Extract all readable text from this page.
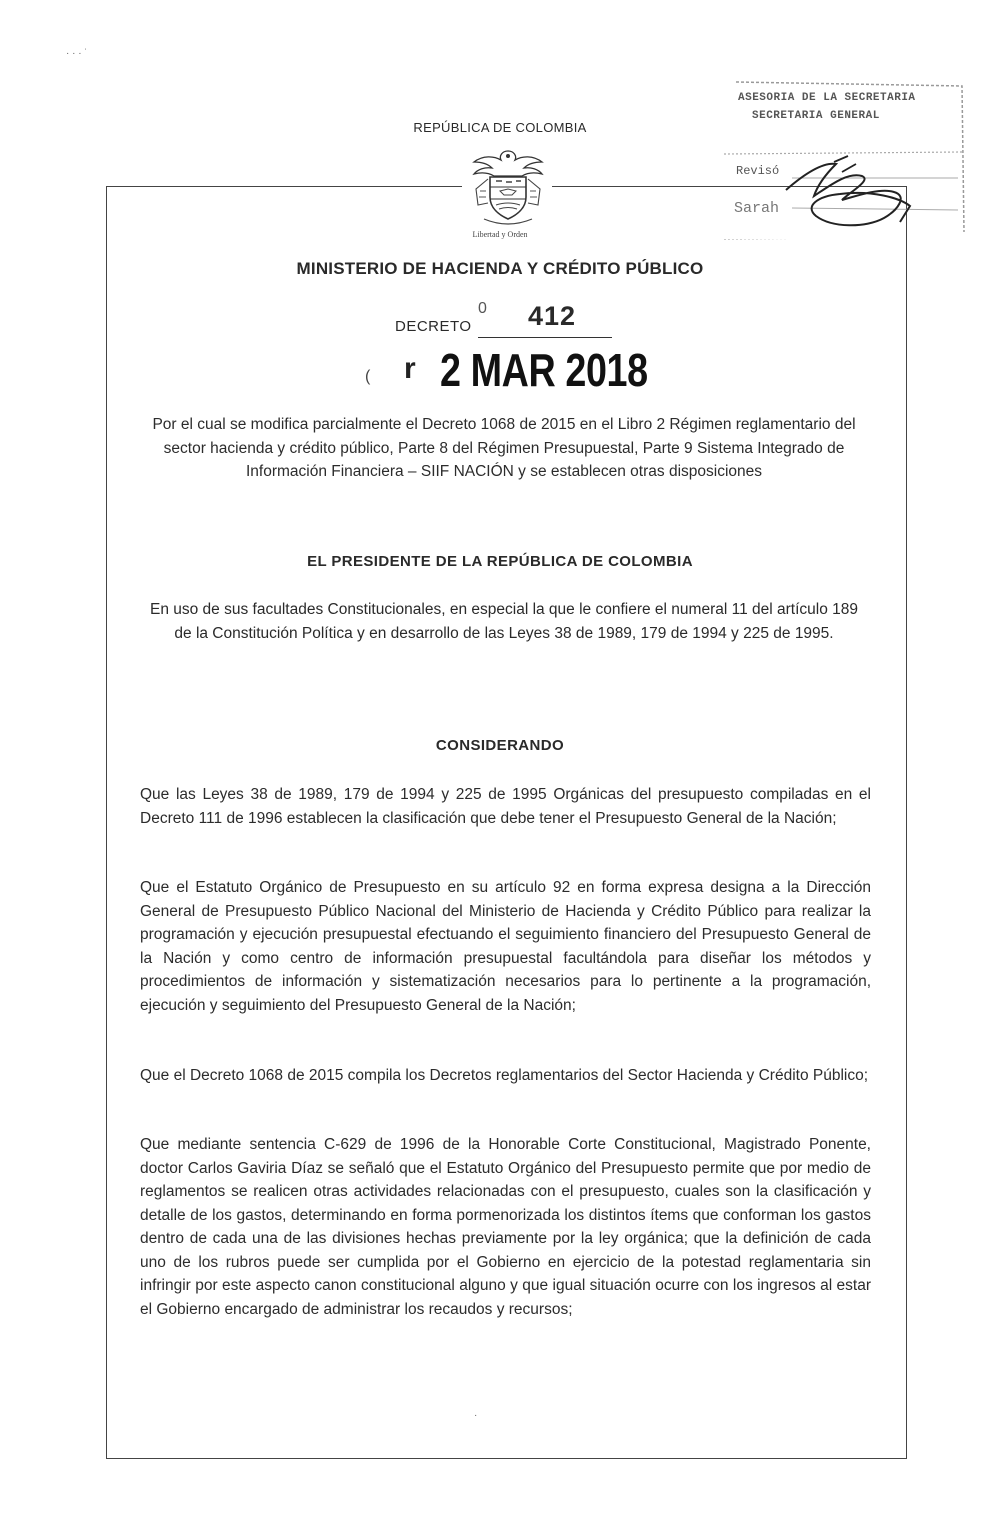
· · · ˙
·
REPÚBLICA DE COLOMBIA
Libertad y Orden
MINISTERIO DE HACIENDA Y CRÉDITO PÚBLICO
DECRETO
0 412
( r 2 MAR 2018
Por el cual se modifica parcialmente el Decreto 1068 de 2015 en el Libro 2 Régimen reglamentario del sector hacienda y crédito público, Parte 8 del Régimen Presupuestal, Parte 9 Sistema Integrado de Información Financiera – SIIF NACIÓN y se establecen otras disposiciones
EL PRESIDENTE DE LA REPÚBLICA DE COLOMBIA
En uso de sus facultades Constitucionales, en especial la que le confiere el numeral 11 del artículo 189 de la Constitución Política y en desarrollo de las Leyes 38 de 1989, 179 de 1994 y 225 de 1995.
CONSIDERANDO
Que las Leyes 38 de 1989, 179 de 1994 y 225 de 1995 Orgánicas del presupuesto compiladas en el Decreto 111 de 1996 establecen la clasificación que debe tener el Presupuesto General de la Nación;
Que el Estatuto Orgánico de Presupuesto en su artículo 92 en forma expresa designa a la Dirección General de Presupuesto Público Nacional del Ministerio de Hacienda y Crédito Público para realizar la programación y ejecución presupuestal efectuando el seguimiento financiero del Presupuesto General de la Nación y como centro de información presupuestal facultándola para diseñar los métodos y procedimientos de información y sistematización necesarios para lo pertinente a la programación, ejecución y seguimiento del Presupuesto General de la Nación;
Que el Decreto 1068 de 2015 compila los Decretos reglamentarios del Sector Hacienda y Crédito Público;
Que mediante sentencia C-629 de 1996 de la Honorable Corte Constitucional, Magistrado Ponente, doctor Carlos Gaviria Díaz se señaló que el Estatuto Orgánico del Presupuesto permite que por medio de reglamentos se realicen otras actividades relacionadas con el presupuesto, cuales son la clasificación y detalle de los gastos, determinando en forma pormenorizada los distintos ítems que conforman los gastos dentro de cada una de las divisiones hechas previamente por la ley orgánica; que la definición de cada uno de los rubros puede ser cumplida por el Gobierno en ejercicio de la potestad reglamentaria sin infringir por este aspecto canon constitucional alguno y que igual situación ocurre con los ingresos al estar el Gobierno encargado de administrar los recaudos y recursos;
ASESORIA DE LA SECRETARIA
SECRETARIA GENERAL
Revisó
Sarah
